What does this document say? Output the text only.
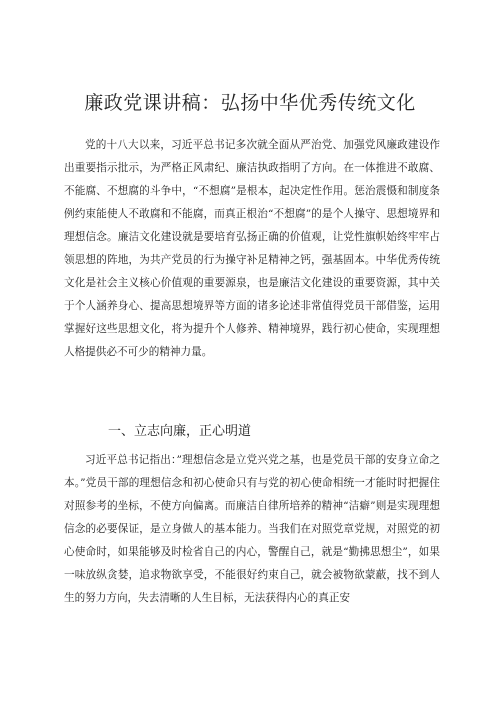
廉政党课讲稿：弘扬中华优秀传统文化

党的十八大以来，习近平总书记多次就全面从严治党、加强党风廉政建设作出重要指示批示，为严格正风肃纪、廉洁执政指明了方向。在一体推进不敢腐、不能腐、不想腐的斗争中，“不想腐”是根本，起决定性作用。惩治震慑和制度条例约束能使人不敢腐和不能腐，而真正根治“不想腐”的是个人操守、思想境界和理想信念。廉洁文化建设就是要培育弘扬正确的价值观，让党性旗帜始终牢牢占领思想的阵地，为共产党员的行为操守补足精神之钙，强基固本。中华优秀传统文化是社会主义核心价值观的重要源泉，也是廉洁文化建设的重要资源，其中关于个人涵养身心、提高思想境界等方面的诸多论述非常值得党员干部借鉴，运用掌握好这些思想文化，将为提升个人修养、精神境界，践行初心使命，实现理想人格提供必不可少的精神力量。

一、立志向廉，正心明道

习近平总书记指出：”理想信念是立党兴党之基，也是党员干部的安身立命之本。”党员干部的理想信念和初心使命只有与党的初心使命相统一才能时时把握住对照参考的坐标，不使方向偏离。而廉洁自律所培养的精神“洁癖”则是实现理想信念的必要保证，是立身做人的基本能力。当我们在对照党章党规，对照党的初心使命时，如果能够及时检省自己的内心，警醒自己，就是“勤拂思想尘”，如果一味放纵贪婪，追求物欲享受，不能很好约束自己，就会被物欲蒙蔽，找不到人生的努力方向，失去清晰的人生目标，无法获得内心的真正安
